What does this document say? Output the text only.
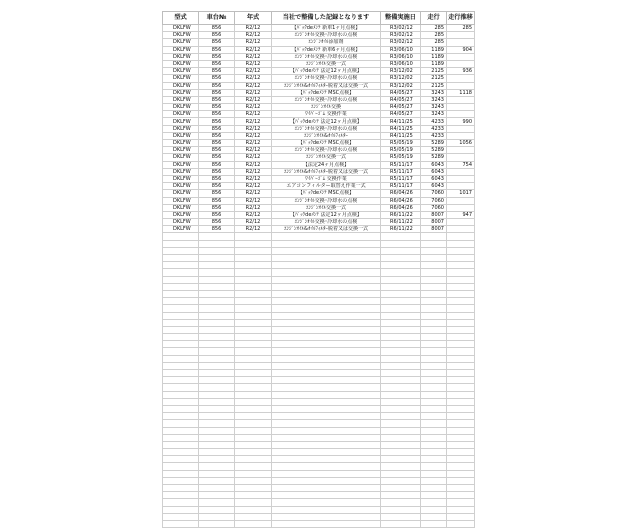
型式	車台№	年式	当社で整備した記録となります	整備実施日	走行	走行推移
DKLFW	856	R2/12	【ﾊﾟｯｸdeﾒﾝﾃ 新車1ヶ月点検】	R3/02/12	285	285
DKLFW	856	R2/12	ｴﾝｼﾞﾝｵｲﾙ交換･冷却水の点検	R3/02/12	285	
DKLFW	856	R2/12	ｴﾝｼﾞﾝｵｲﾙ添加剤	R3/02/12	285	
DKLFW	856	R2/12	【ﾊﾟｯｸdeﾒﾝﾃ 新車6ヶ月点検】	R3/06/10	1189	904
DKLFW	856	R2/12	ｴﾝｼﾞﾝｵｲﾙ交換･冷却水の点検	R3/06/10	1189	
DKLFW	856	R2/12	ｴﾝｼﾞﾝｵｲﾙ交換一式	R3/06/10	1189	
DKLFW	856	R2/12	【ﾊﾟｯｸdeﾒﾝﾃ 法定12ヶ月点検】	R3/12/02	2125	936
DKLFW	856	R2/12	ｴﾝｼﾞﾝｵｲﾙ交換･冷却水の点検	R3/12/02	2125	
DKLFW	856	R2/12	ｴﾝｼﾞﾝｵｲﾙ&ｵｲﾙﾌｨﾙﾀｰ脱着又は交換一式	R3/12/02	2125	
DKLFW	856	R2/12	【ﾊﾟｯｸdeﾒﾝﾃ MSC点検】	R4/05/27	3243	1118
DKLFW	856	R2/12	ｴﾝｼﾞﾝｵｲﾙ交換･冷却水の点検	R4/05/27	3243	
DKLFW	856	R2/12	ｴﾝｼﾞﾝｵｲﾙ交換	R4/05/27	3243	
DKLFW	856	R2/12	ﾜｲﾊﾟｰｺﾞﾑ 交換作業	R4/05/27	3243	
DKLFW	856	R2/12	【ﾊﾟｯｸdeﾒﾝﾃ 法定12ヶ月点検】	R4/11/25	4233	990
DKLFW	856	R2/12	ｴﾝｼﾞﾝｵｲﾙ交換･冷却水の点検	R4/11/25	4233	
DKLFW	856	R2/12	ｴﾝｼﾞﾝｵｲﾙ&ｵｲﾙﾌｨﾙﾀｰ	R4/11/25	4233	
DKLFW	856	R2/12	【ﾊﾟｯｸdeﾒﾝﾃ MSC点検】	R5/05/19	5289	1056
DKLFW	856	R2/12	ｴﾝｼﾞﾝｵｲﾙ交換･冷却水の点検	R5/05/19	5289	
DKLFW	856	R2/12	ｴﾝｼﾞﾝｵｲﾙ交換一式	R5/05/19	5289	
DKLFW	856	R2/12	【法定24ヶ月点検】	R5/11/17	6043	754
DKLFW	856	R2/12	ｴﾝｼﾞﾝｵｲﾙ&ｵｲﾙﾌｨﾙﾀｰ脱着又は交換一式	R5/11/17	6043	
DKLFW	856	R2/12	ﾜｲﾊﾟｰｺﾞﾑ 交換作業	R5/11/17	6043	
DKLFW	856	R2/12	エアコンフィルター取替え作業一式	R5/11/17	6043	
DKLFW	856	R2/12	【ﾊﾟｯｸdeﾒﾝﾃ MSC点検】	R6/04/26	7060	1017
DKLFW	856	R2/12	ｴﾝｼﾞﾝｵｲﾙ交換･冷却水の点検	R6/04/26	7060	
DKLFW	856	R2/12	ｴﾝｼﾞﾝｵｲﾙ交換一式	R6/04/26	7060	
DKLFW	856	R2/12	【ﾊﾟｯｸdeﾒﾝﾃ 法定12ヶ月点検】	R6/11/22	8007	947
DKLFW	856	R2/12	ｴﾝｼﾞﾝｵｲﾙ交換･冷却水の点検	R6/11/22	8007	
DKLFW	856	R2/12	ｴﾝｼﾞﾝｵｲﾙ&ｵｲﾙﾌｨﾙﾀｰ脱着又は交換一式	R6/11/22	8007	
